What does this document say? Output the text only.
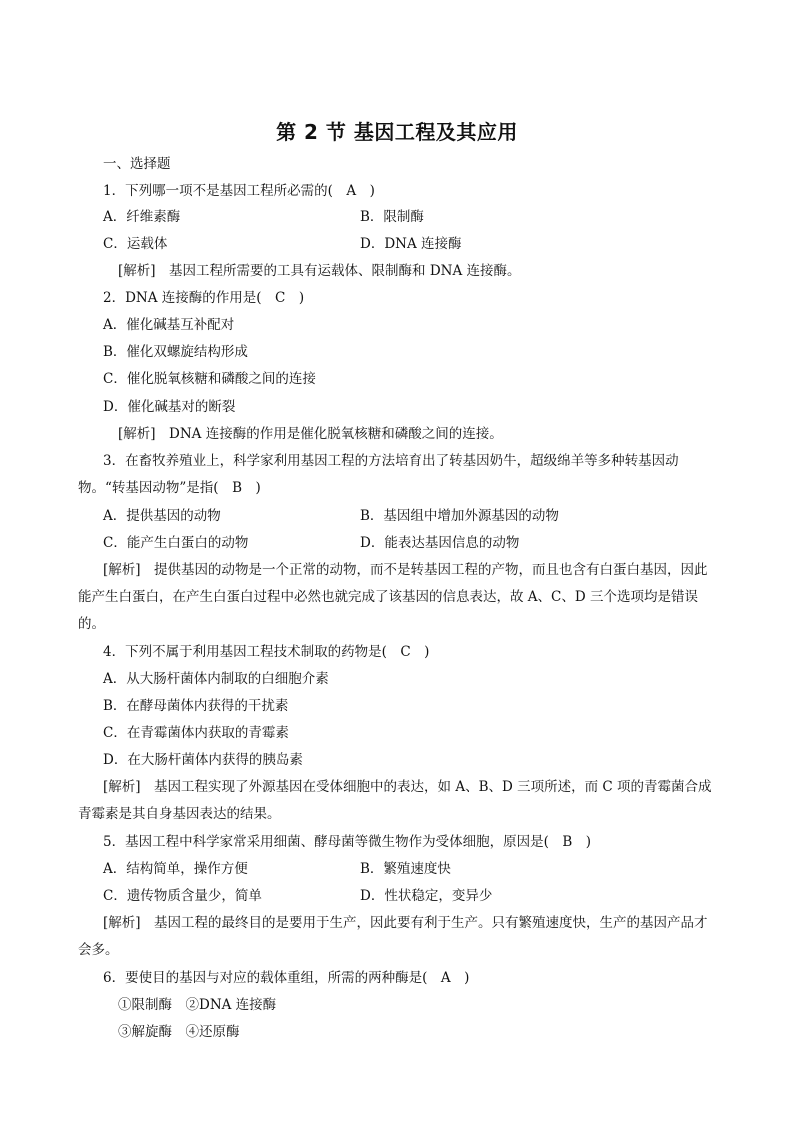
第 2 节 基因工程及其应用
一、选择题
1．下列哪一项不是基因工程所必需的(　A　)
A．纤维素酶	B．限制酶
C．运载体	D．DNA 连接酶
[解析]　基因工程所需要的工具有运载体、限制酶和 DNA 连接酶。
2．DNA 连接酶的作用是(　C　)
A．催化碱基互补配对
B．催化双螺旋结构形成
C．催化脱氧核糖和磷酸之间的连接
D．催化碱基对的断裂
[解析]　DNA 连接酶的作用是催化脱氧核糖和磷酸之间的连接。
3．在畜牧养殖业上，科学家利用基因工程的方法培育出了转基因奶牛，超级绵羊等多种转基因动物。“转基因动物”是指(　B　)
A．提供基因的动物	B．基因组中增加外源基因的动物
C．能产生白蛋白的动物	D．能表达基因信息的动物
[解析]　提供基因的动物是一个正常的动物，而不是转基因工程的产物，而且也含有白蛋白基因，因此能产生白蛋白，在产生白蛋白过程中必然也就完成了该基因的信息表达，故 A、C、D 三个选项均是错误的。
4．下列不属于利用基因工程技术制取的药物是(　C　)
A．从大肠杆菌体内制取的白细胞介素
B．在酵母菌体内获得的干扰素
C．在青霉菌体内获取的青霉素
D．在大肠杆菌体内获得的胰岛素
[解析]　基因工程实现了外源基因在受体细胞中的表达，如 A、B、D 三项所述，而 C 项的青霉菌合成青霉素是其自身基因表达的结果。
5．基因工程中科学家常采用细菌、酵母菌等微生物作为受体细胞，原因是(　B　)
A．结构简单，操作方便	B．繁殖速度快
C．遗传物质含量少，简单	D．性状稳定，变异少
[解析]　基因工程的最终目的是要用于生产，因此要有利于生产。只有繁殖速度快，生产的基因产品才会多。
6．要使目的基因与对应的载体重组，所需的两种酶是(　A　)
①限制酶　②DNA 连接酶
③解旋酶　④还原酶
